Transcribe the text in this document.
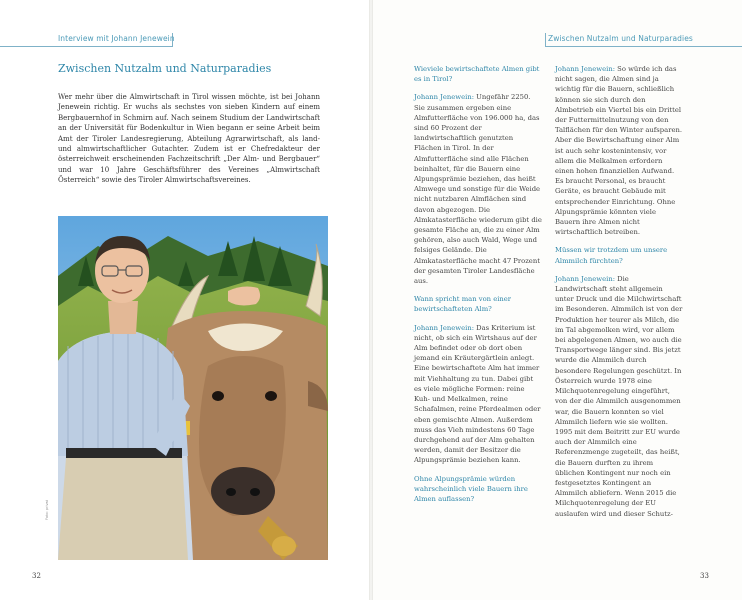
Interview mit Johann Jenewein	Zwischen Nutzalm und Naturparadies
Zwischen Nutzalm und Naturparadies

Wer mehr über die Almwirtschaft in Tirol wissen möchte, ist bei Johann Jenewein richtig. Er wuchs als sechstes von sieben Kindern auf einem Bergbauernhof in Schmirn auf. Nach seinem Studium der Landwirtschaft an der Universität für Bodenkultur in Wien begann er seine Arbeit beim Amt der Tiroler Landesregierung, Abteilung Agrarwirtschaft, als land- und almwirtschaftlicher Gutachter. Zudem ist er Chefredakteur der österreichweit erscheinenden Fachzeitschrift „Der Alm- und Bergbauer“ und war 10 Jahre Geschäftsführer des Vereines „Almwirtschaft Österreich“ sowie des Tiroler Almwirtschaftsvereines.

Foto: privat
32

Wieviele bewirtschaftete Almen gibt es in Tirol?

Johann Jenewein: Ungefähr 2250. Sie zusammen ergeben eine Almfutterfläche von 196.000 ha, das sind 60 Prozent der landwirtschaftlich genutzten Flächen in Tirol. In der Almfutterfläche sind alle Flächen beinhaltet, für die Bauern eine Alpungsprämie beziehen, das heißt Almwege und sonstige für die Weide nicht nutzbaren Almflächen sind davon abgezogen. Die Almkatasterfläche wiederum gibt die gesamte Fläche an, die zu einer Alm gehören, also auch Wald, Wege und felsiges Gelände. Die Almkatasterfläche macht 47 Prozent der gesamten Tiroler Landesfläche aus.

Wann spricht man von einer bewirtschafteten Alm?

Johann Jenewein: Das Kriterium ist nicht, ob sich ein Wirtshaus auf der Alm befindet oder ob dort oben jemand ein Kräutergärtlein anlegt. Eine bewirtschaftete Alm hat immer mit Viehhaltung zu tun. Dabei gibt es viele mögliche Formen: reine Kuh- und Melkalmen, reine Schafalmen, reine Pferdealmen oder eben gemischte Almen. Außerdem muss das Vieh mindestens 60 Tage durchgehend auf der Alm gehalten werden, damit der Besitzer die Alpungsprämie beziehen kann.

Ohne Alpungsprämie würden wahrscheinlich viele Bauern ihre Almen auflassen?

Johann Jenewein: So würde ich das nicht sagen, die Almen sind ja wichtig für die Bauern, schließlich können sie sich durch den Almbetrieb ein Viertel bis ein Drittel der Futtermittelnutzung von den Talflächen für den Winter aufsparen. Aber die Bewirtschaftung einer Alm ist auch sehr kostenintensiv, vor allem die Melkalmen erfordern einen hohen finanziellen Aufwand. Es braucht Personal, es braucht Geräte, es braucht Gebäude mit entsprechender Einrichtung. Ohne Alpungsprämie könnten viele Bauern ihre Almen nicht wirtschaftlich betreiben.

Müssen wir trotzdem um unsere Almmilch fürchten?

Johann Jenewein: Die Landwirtschaft steht allgemein unter Druck und die Milchwirtschaft im Besonderen. Almmilch ist von der Produktion her teurer als Milch, die im Tal abgemolken wird, vor allem bei abgelegenen Almen, wo auch die Transportwege länger sind. Bis jetzt wurde die Almmilch durch besondere Regelungen geschützt. In Österreich wurde 1978 eine Milchquotenregelung eingeführt, von der die Almmilch ausgenommen war, die Bauern konnten so viel Almmilch liefern wie sie wollten. 1995 mit dem Beitritt zur EU wurde auch der Almmilch eine Referenzmenge zugeteilt, das heißt, die Bauern durften zu ihrem üblichen Kontingent nur noch ein festgesetztes Kontingent an Almmilch abliefern. Wenn 2015 die Milchquotenregelung der EU auslaufen wird und dieser Schutz-

33
